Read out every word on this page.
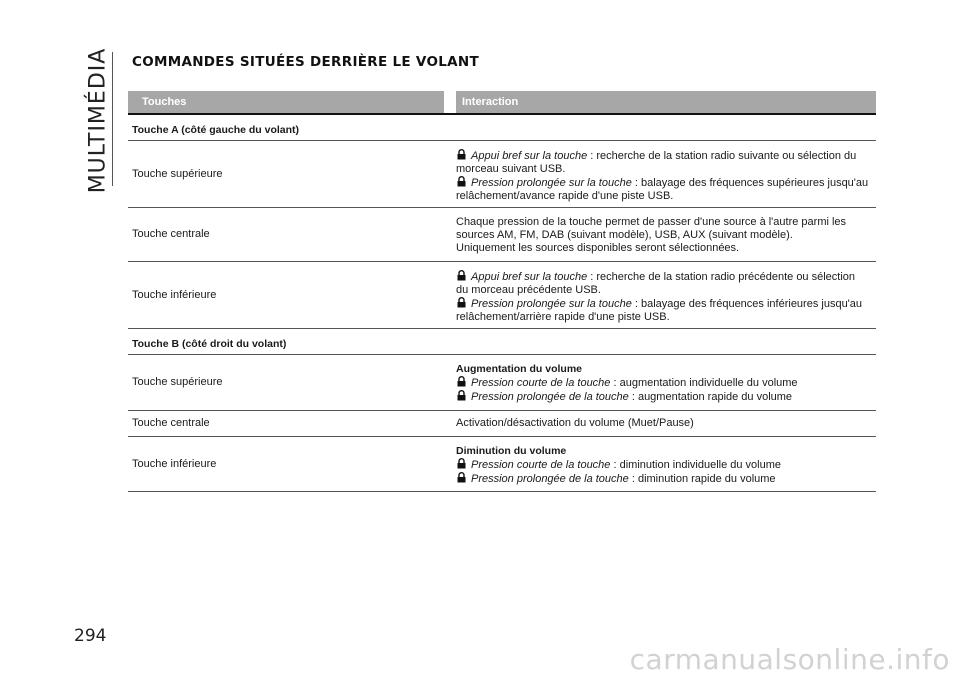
MULTIMÉDIA COMMANDES SITUÉES DERRIÈRE LE VOLANT
Touches	Interaction
Touche A (côté gauche du volant)
Touche supérieure
Appui bref sur la touche : recherche de la station radio suivante ou sélection du
morceau suivant USB.
Pression prolongée sur la touche : balayage des fréquences supérieures jusqu'au
relâchement/avance rapide d'une piste USB.
Touche centrale
Chaque pression de la touche permet de passer d'une source à l'autre parmi les
sources AM, FM, DAB (suivant modèle), USB, AUX (suivant modèle).
Uniquement les sources disponibles seront sélectionnées.
Touche inférieure
Appui bref sur la touche : recherche de la station radio précédente ou sélection
du morceau précédente USB.
Pression prolongée sur la touche : balayage des fréquences inférieures jusqu'au
relâchement/arrière rapide d'une piste USB.
Touche B (côté droit du volant)
Touche supérieure
Augmentation du volume
Pression courte de la touche : augmentation individuelle du volume
Pression prolongée de la touche : augmentation rapide du volume
Touche centrale	Activation/désactivation du volume (Muet/Pause)
Touche inférieure
Diminution du volume
Pression courte de la touche : diminution individuelle du volume
Pression prolongée de la touche : diminution rapide du volume
294
carmanualsonline.info
